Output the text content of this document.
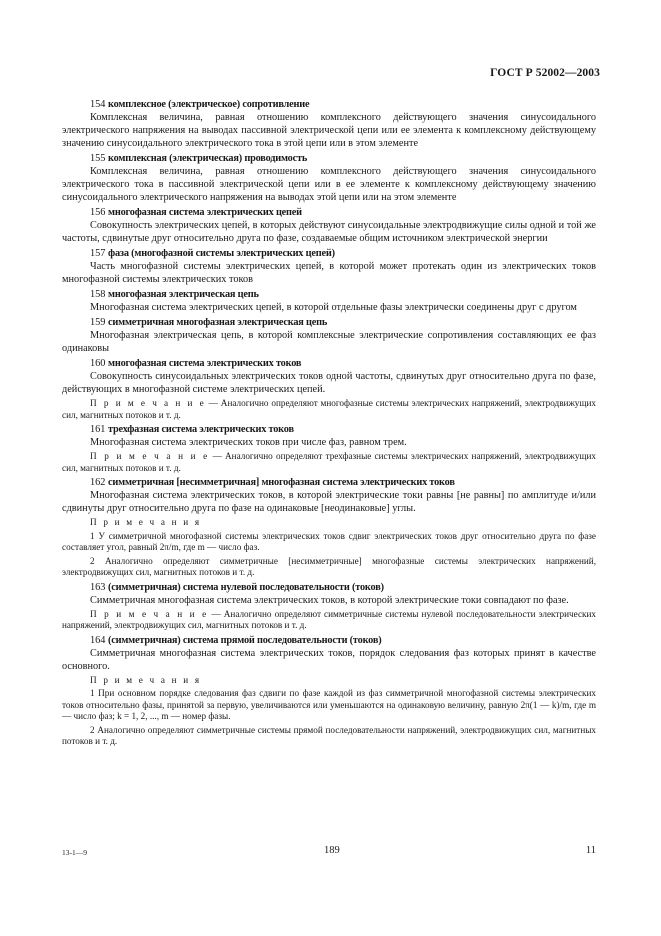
ГОСТ Р 52002—2003

154 комплексное (электрическое) сопротивление

Комплексная величина, равная отношению комплексного действующего значения синусоидального электрического напряжения на выводах пассивной электрической цепи или ее элемента к комплексному действующему значению синусоидального электрического тока в этой цепи или в этом элементе

155 комплексная (электрическая) проводимость

Комплексная величина, равная отношению комплексного действующего значения синусоидального электрического тока в пассивной электрической цепи или в ее элементе к комплексному действующему значению синусоидального электрического напряжения на выводах этой цепи или на этом элементе

156 многофазная система электрических цепей

Совокупность электрических цепей, в которых действуют синусоидальные электродвижущие силы одной и той же частоты, сдвинутые друг относительно друга по фазе, создаваемые общим источником электрической энергии

157 фаза (многофазной системы электрических цепей)

Часть многофазной системы электрических цепей, в которой может протекать один из электрических токов многофазной системы электрических токов

158 многофазная электрическая цепь

Многофазная система электрических цепей, в которой отдельные фазы электрически соединены друг с другом

159 симметричная многофазная электрическая цепь

Многофазная электрическая цепь, в которой комплексные электрические сопротивления составляющих ее фаз одинаковы

160 многофазная система электрических токов

Совокупность синусоидальных электрических токов одной частоты, сдвинутых друг относительно друга по фазе, действующих в многофазной системе электрических цепей.

П р и м е ч а н и е — Аналогично определяют многофазные системы электрических напряжений, электродвижущих сил, магнитных потоков и т. д.

161 трехфазная система электрических токов

Многофазная система электрических токов при числе фаз, равном трем.

П р и м е ч а н и е — Аналогично определяют трехфазные системы электрических напряжений, электродвижущих сил, магнитных потоков и т. д.

162 симметричная [несимметричная] многофазная система электрических токов

Многофазная система электрических токов, в которой электрические токи равны [не равны] по амплитуде и/или сдвинуты друг относительно друга по фазе на одинаковые [неодинаковые] углы.

П р и м е ч а н и я

1 У симметричной многофазной системы электрических токов сдвиг электрических токов друг относительно друга по фазе составляет угол, равный 2π/m, где m — число фаз.

2 Аналогично определяют симметричные [несимметричные] многофазные системы электрических напряжений, электродвижущих сил, магнитных потоков и т. д.

163 (симметричная) система нулевой последовательности (токов)

Симметричная многофазная система электрических токов, в которой электрические токи совпадают по фазе.

П р и м е ч а н и е — Аналогично определяют симметричные системы нулевой последовательности электрических напряжений, электродвижущих сил, магнитных потоков и т. д.

164 (симметричная) система прямой последовательности (токов)

Симметричная многофазная система электрических токов, порядок следования фаз которых принят в качестве основного.

П р и м е ч а н и я

1 При основном порядке следования фаз сдвиги по фазе каждой из фаз симметричной многофазной системы электрических токов относительно фазы, принятой за первую, увеличиваются или уменьшаются на одинаковую величину, равную 2π(1 — k)/m, где m — число фаз; k = 1, 2, ..., m — номер фазы.

2 Аналогично определяют симметричные системы прямой последовательности напряжений, электродвижущих сил, магнитных потоков и т. д.

13-1—9	189	11
